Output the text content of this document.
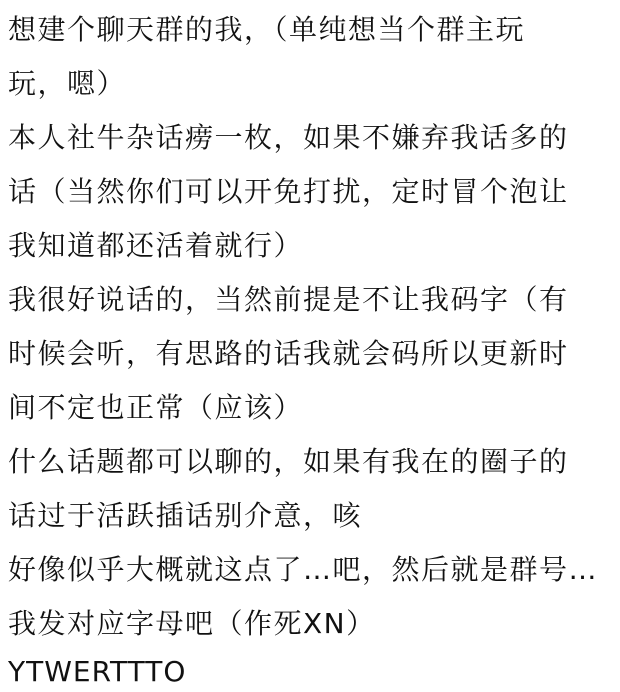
想建个聊天群的我，（单纯想当个群主玩
玩，嗯）
本人社牛杂话痨一枚，如果不嫌弃我话多的
话（当然你们可以开免打扰，定时冒个泡让
我知道都还活着就行）
我很好说话的，当然前提是不让我码字（有
时候会听，有思路的话我就会码所以更新时
间不定也正常（应该）
什么话题都可以聊的，如果有我在的圈子的
话过于活跃插话别介意，咳
好像似乎大概就这点了…吧，然后就是群号…
我发对应字母吧（作死XN）
YTWERTTTO
